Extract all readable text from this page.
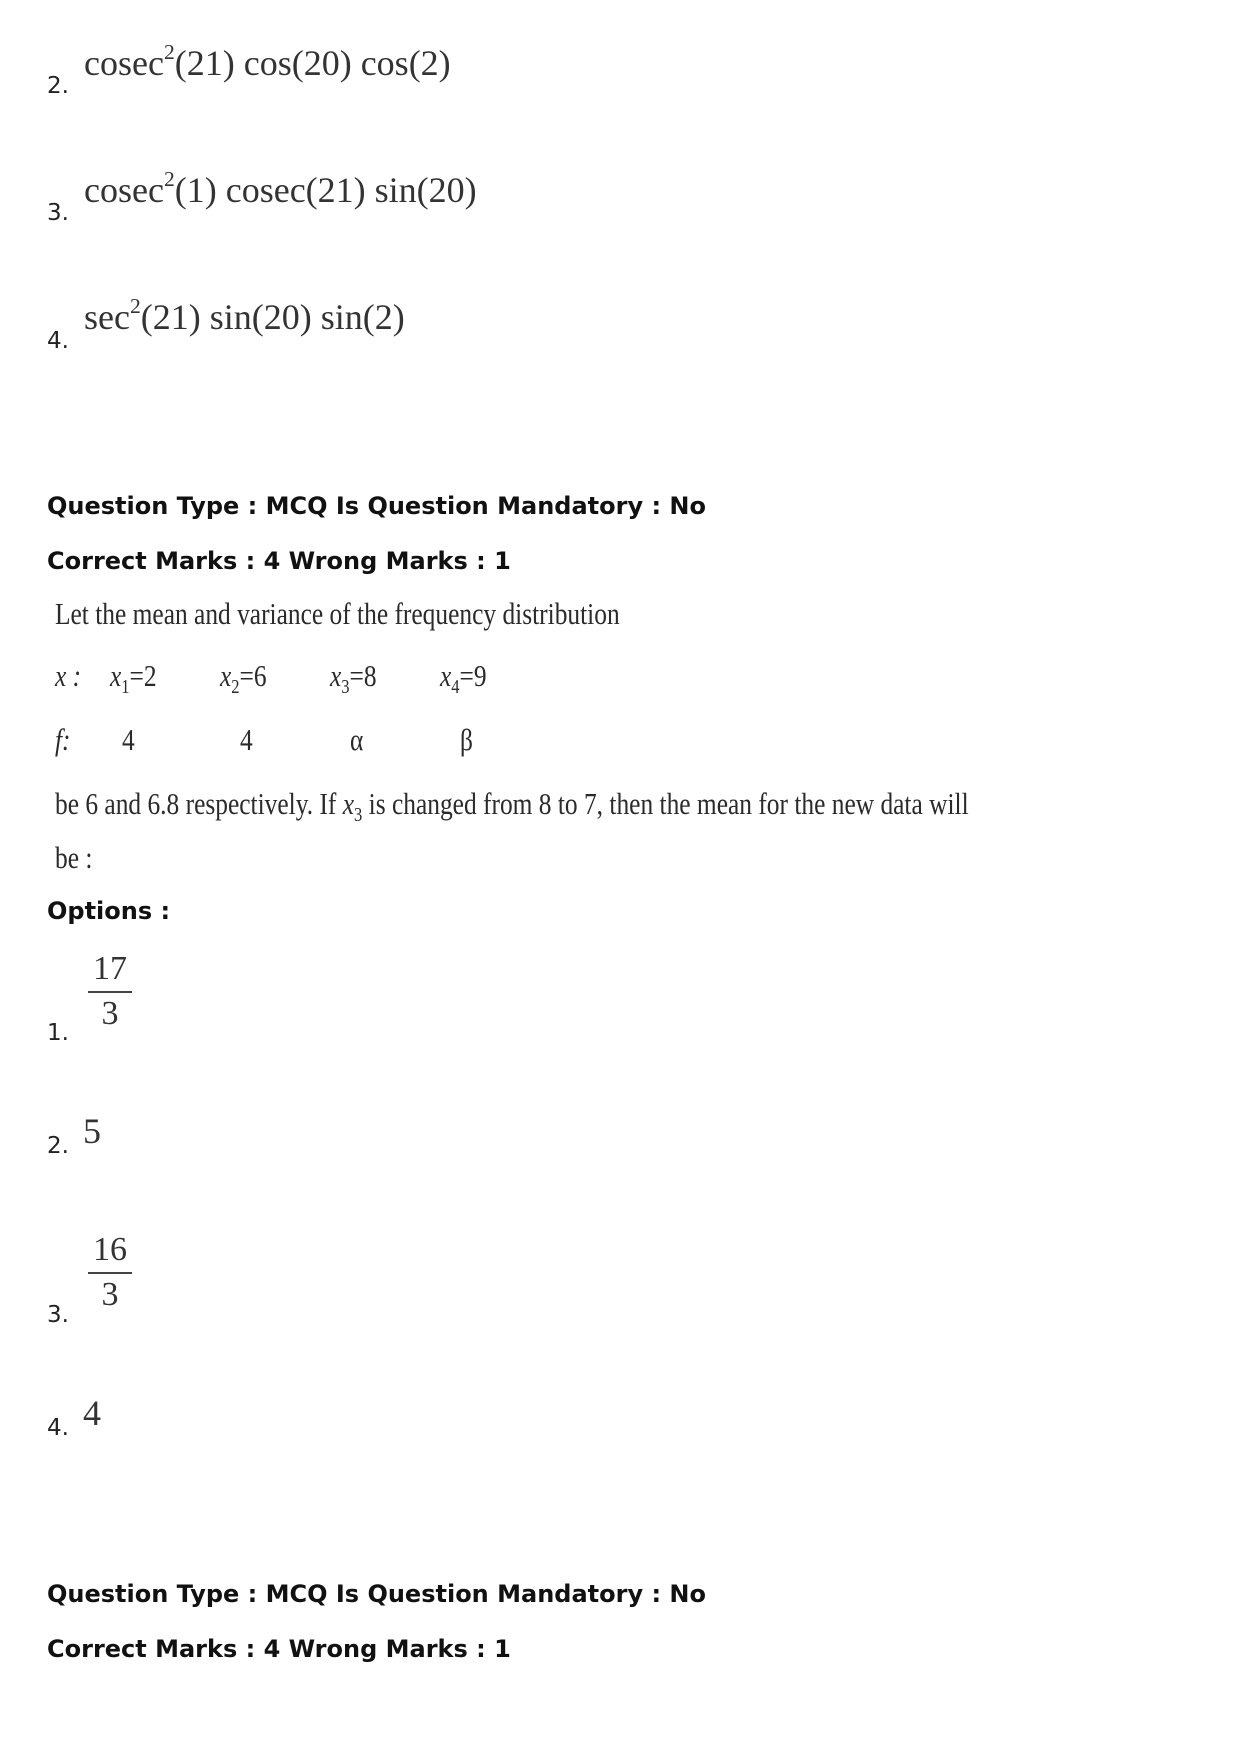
2.
cosec$^2$(21) cos(20) cos(2)
3.
cosec$^2$(1) cosec(21) sin(20)
4.
$\sec^2(21)$ sin(20) sin(2)
Question Type : MCQ Is Question Mandatory : No
Correct Marks : 4 Wrong Marks : 1
Let the mean and variance of the frequency distribution
x : $x_1=2$ $x_2=6$ $x_3=8$ $x_4=9$
f: 4	4	α	β
be 6 and 6.8 respectively. If $x_3$ is changed from 8 to 7, then the mean for the new data will
be :
Options :
1.
17
3
2. 5
3.
16
3
4. 4
Question Type : MCQ Is Question Mandatory : No
Correct Marks : 4 Wrong Marks : 1
